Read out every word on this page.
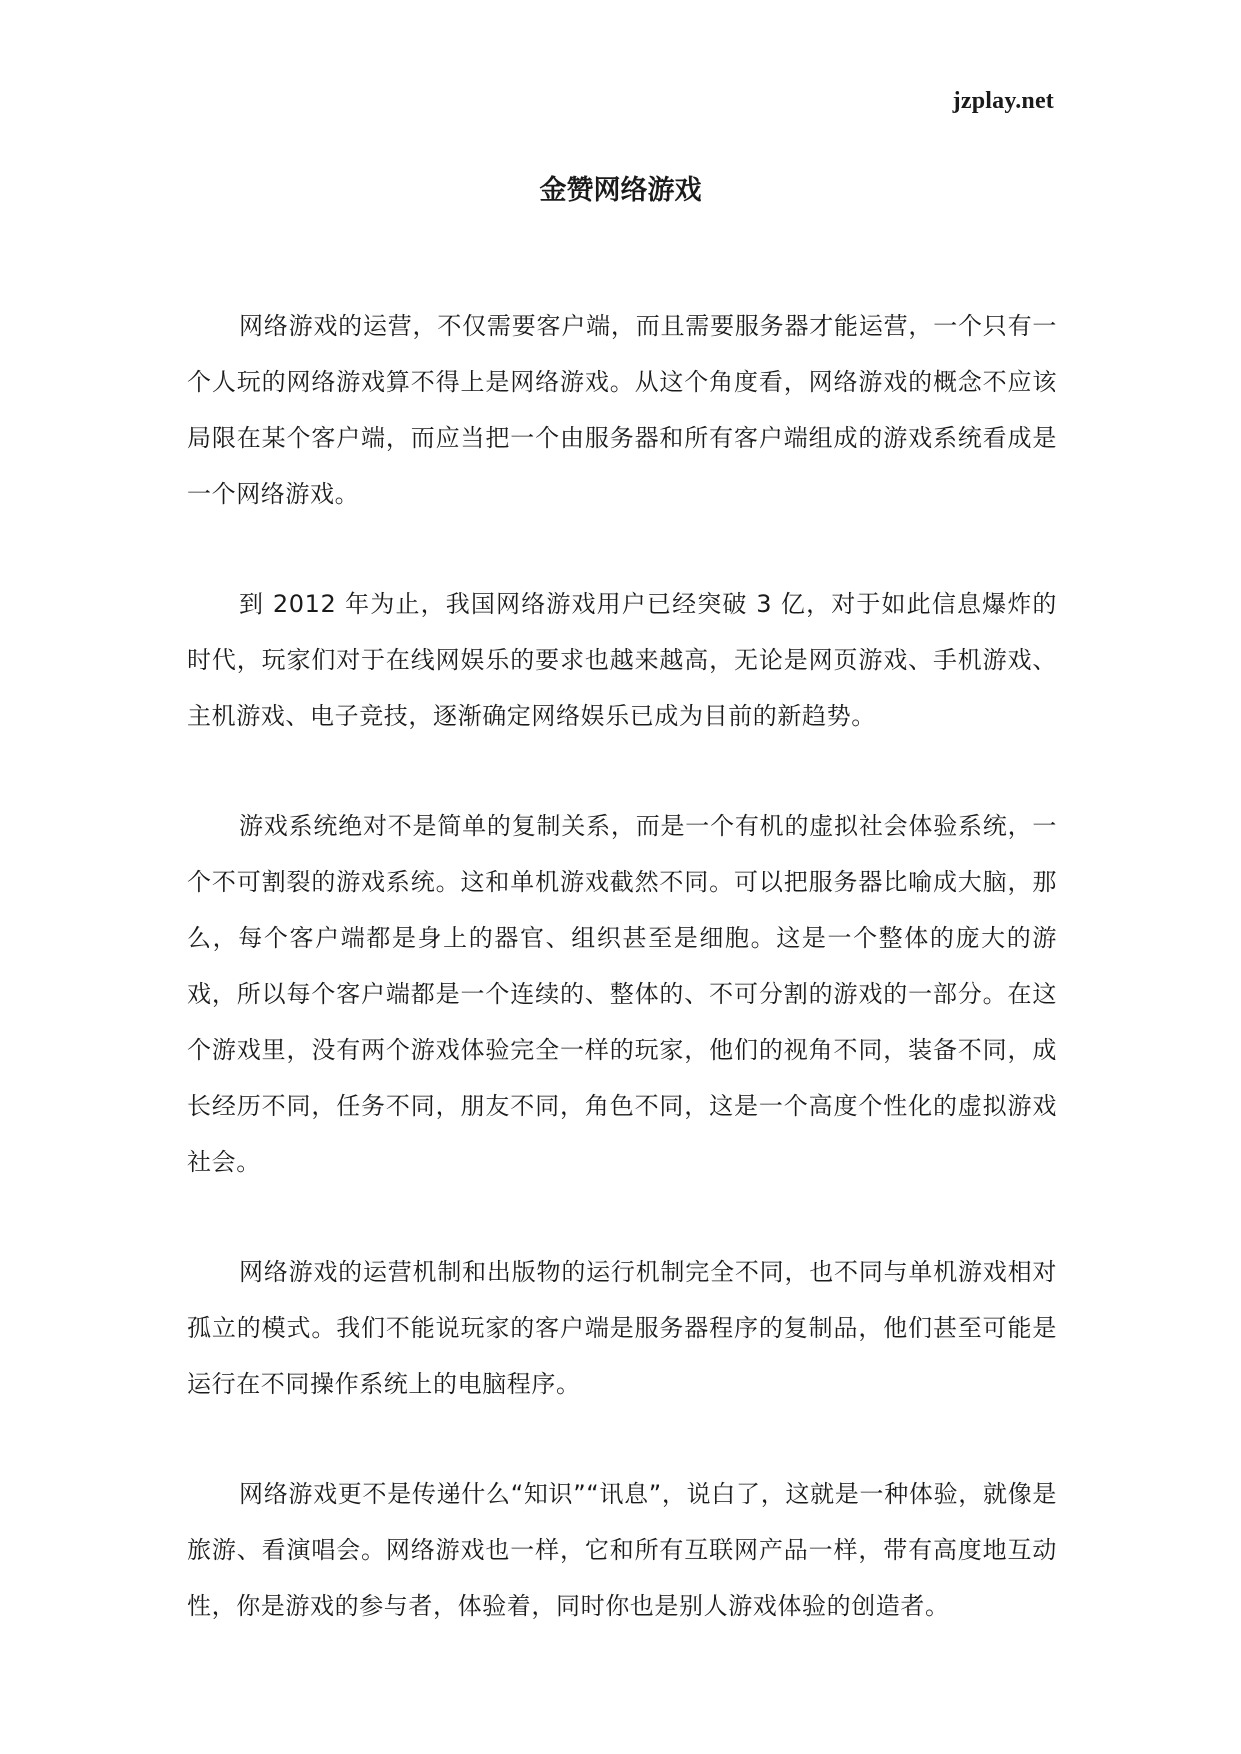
jzplay.net
金赞网络游戏

网络游戏的运营，不仅需要客户端，而且需要服务器才能运营，一个只有一个人玩的网络游戏算不得上是网络游戏。从这个角度看，网络游戏的概念不应该局限在某个客户端，而应当把一个由服务器和所有客户端组成的游戏系统看成是一个网络游戏。

到 2012 年为止，我国网络游戏用户已经突破 3 亿，对于如此信息爆炸的时代，玩家们对于在线网娱乐的要求也越来越高，无论是网页游戏、手机游戏、主机游戏、电子竞技，逐渐确定网络娱乐已成为目前的新趋势。

游戏系统绝对不是简单的复制关系，而是一个有机的虚拟社会体验系统，一个不可割裂的游戏系统。这和单机游戏截然不同。可以把服务器比喻成大脑，那么，每个客户端都是身上的器官、组织甚至是细胞。这是一个整体的庞大的游戏，所以每个客户端都是一个连续的、整体的、不可分割的游戏的一部分。在这个游戏里，没有两个游戏体验完全一样的玩家，他们的视角不同，装备不同，成长经历不同，任务不同，朋友不同，角色不同，这是一个高度个性化的虚拟游戏社会。

网络游戏的运营机制和出版物的运行机制完全不同，也不同与单机游戏相对孤立的模式。我们不能说玩家的客户端是服务器程序的复制品，他们甚至可能是运行在不同操作系统上的电脑程序。

网络游戏更不是传递什么“知识”“讯息”，说白了，这就是一种体验，就像是旅游、看演唱会。网络游戏也一样，它和所有互联网产品一样，带有高度地互动性，你是游戏的参与者，体验着，同时你也是别人游戏体验的创造者。
